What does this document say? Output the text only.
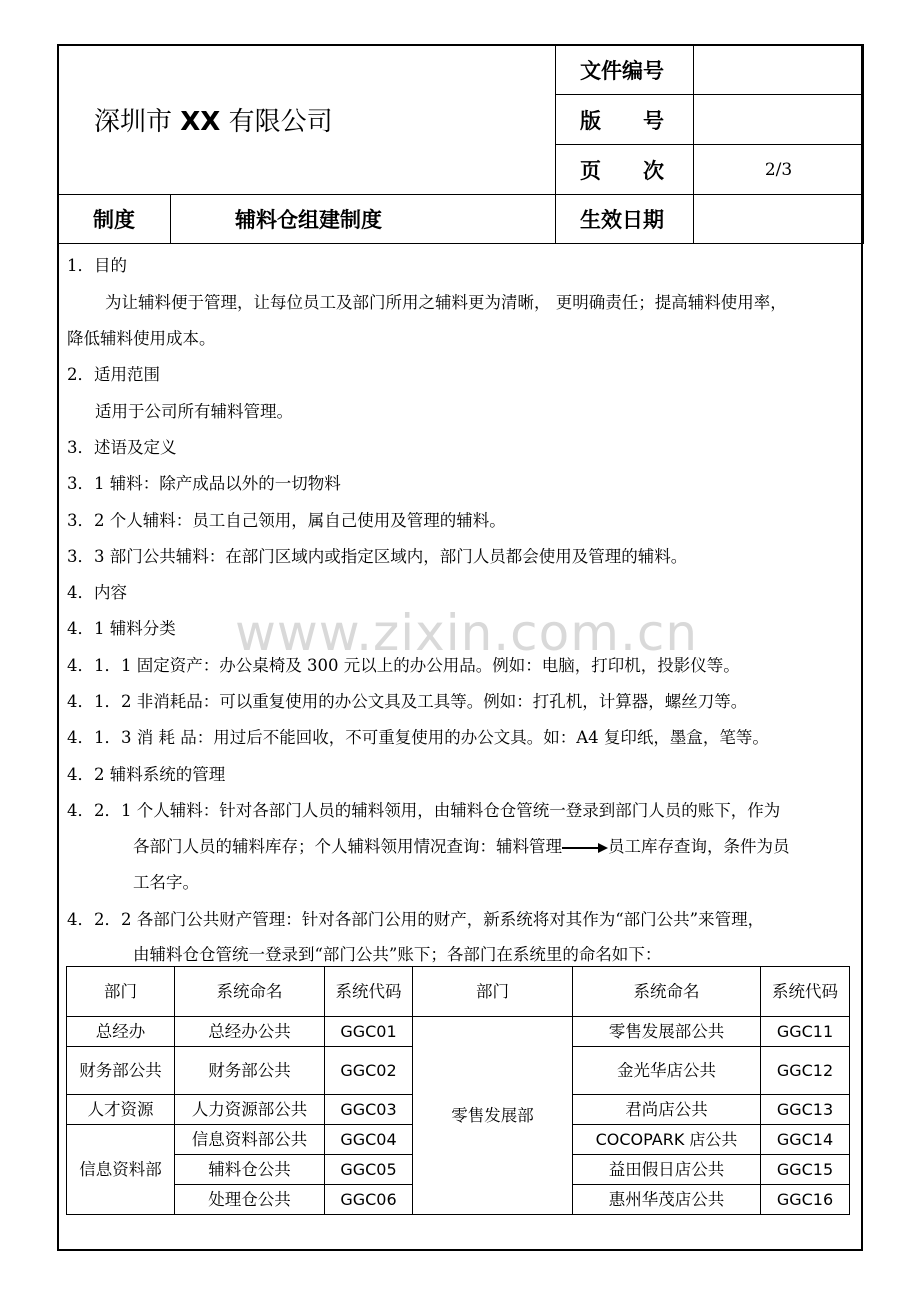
深圳市 XX 有限公司		文件编号	

		版 号	

		页 次	2/3
制度	辅料仓组建制度	生效日期	
www.zixin.com.cn
1．目的
为让辅料便于管理，让每位员工及部门所用之辅料更为清晰， 更明确责任；提高辅料使用率，
降低辅料使用成本。
2．适用范围
适用于公司所有辅料管理。
3．述语及定义
3．1 辅料：除产成品以外的一切物料
3．2 个人辅料：员工自己领用，属自己使用及管理的辅料。
3．3 部门公共辅料：在部门区域内或指定区域内，部门人员都会使用及管理的辅料。
4．内容
4．1 辅料分类
4．1．1 固定资产：办公桌椅及 300 元以上的办公用品。例如：电脑，打印机，投影仪等。
4．1．2 非消耗品：可以重复使用的办公文具及工具等。例如：打孔机，计算器，螺丝刀等。
4．1．3 消 耗 品：用过后不能回收，不可重复使用的办公文具。如：A4 复印纸，墨盒，笔等。
4．2 辅料系统的管理
4．2．1 个人辅料：针对各部门人员的辅料领用，由辅料仓仓管统一登录到部门人员的账下，作为
各部门人员的辅料库存；个人辅料领用情况查询：辅料管理	员工库存查询，条件为员
工名字。
4．2．2 各部门公共财产管理：针对各部门公用的财产，新系统将对其作为“部门公共”来管理，
由辅料仓仓管统一登录到“部门公共”账下；各部门在系统里的命名如下：
部门	系统命名	系统代码	部门	系统命名	系统代码
总经办	总经办公共	GGC01	零售发展部	零售发展部公共	GGC11
财务部公共	财务部公共	GGC02		金光华店公共	GGC12
人才资源	人力资源部公共	GGC03		君尚店公共	GGC13
信息资料部	信息资料部公共	GGC04		COCOPARK 店公共	GGC14
	辅料仓公共	GGC05		益田假日店公共	GGC15
	处理仓公共	GGC06		惠州华茂店公共	GGC16
